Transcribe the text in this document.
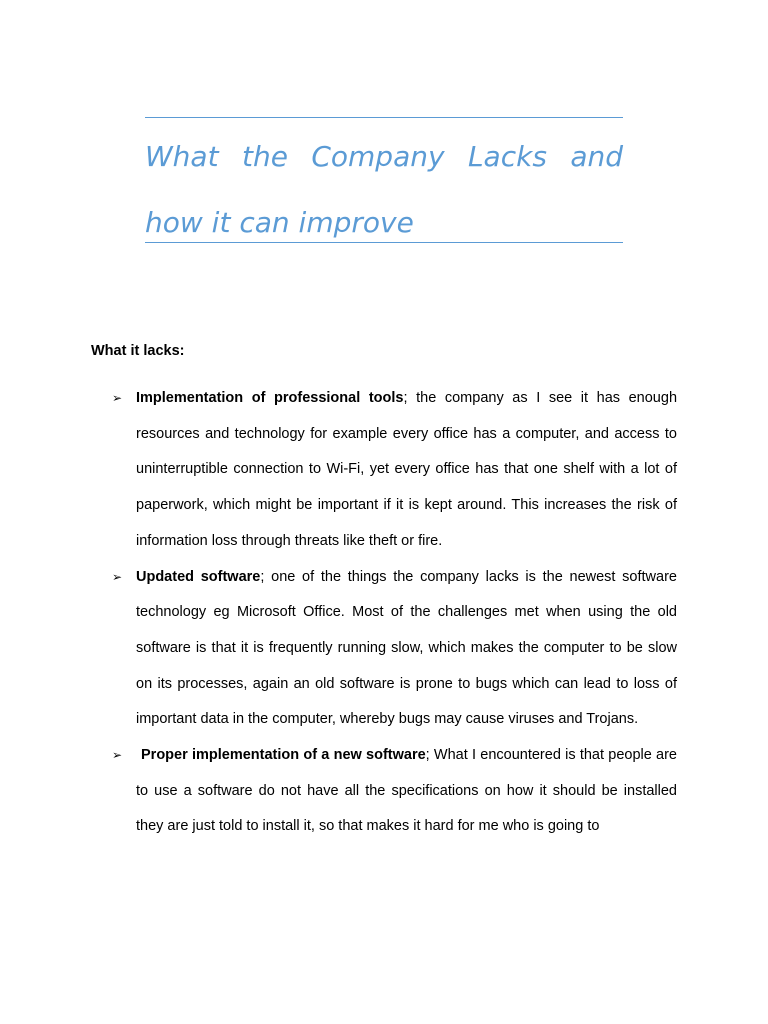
What the Company Lacks and how it can improve

What it lacks:

➢ Implementation of professional tools; the company as I see it has enough resources and technology for example every office has a computer, and access to uninterruptible connection to Wi-Fi, yet every office has that one shelf with a lot of paperwork, which might be important if it is kept around. This increases the risk of information loss through threats like theft or fire.
➢ Updated software; one of the things the company lacks is the newest software technology eg Microsoft Office. Most of the challenges met when using the old software is that it is frequently running slow, which makes the computer to be slow on its processes, again an old software is prone to bugs which can lead to loss of important data in the computer, whereby bugs may cause viruses and Trojans.
➢ Proper implementation of a new software; What I encountered is that people are to use a software do not have all the specifications on how it should be installed they are just told to install it, so that makes it hard for me who is going to
